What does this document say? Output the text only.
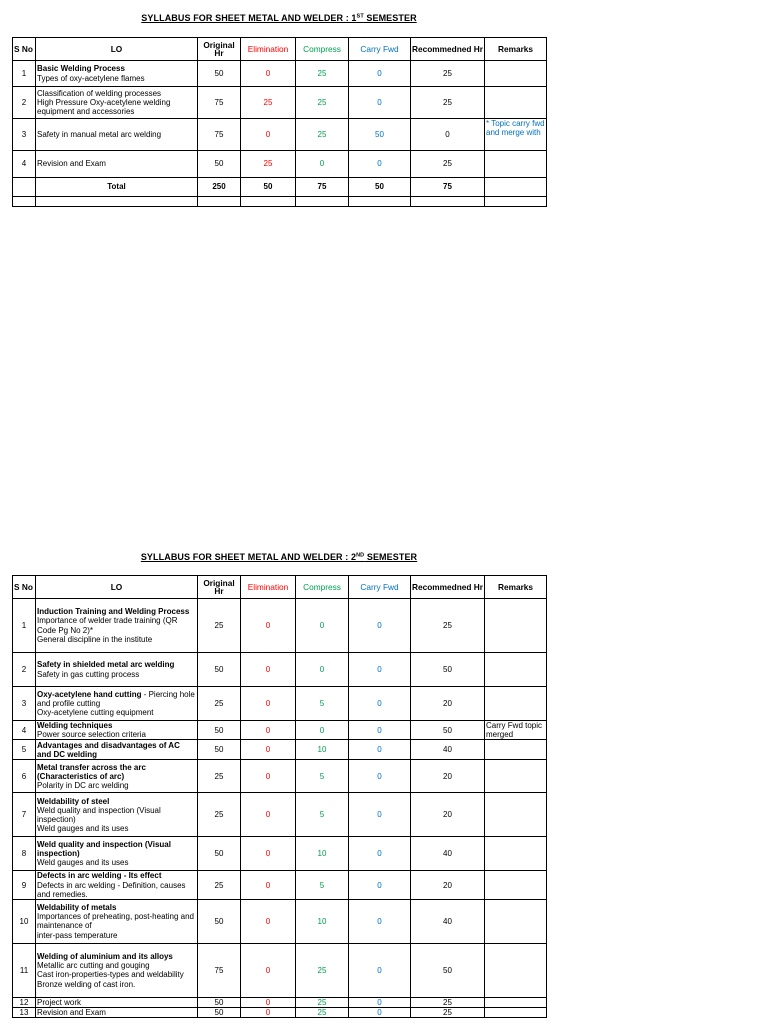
SYLLABUS FOR SHEET METAL AND WELDER : 1ST SEMESTER
S No	LO	Original Hr	Elimination	Compress	Carry Fwd	Recommedned Hr	Remarks
1	Basic Welding Process
Types of oxy-acetylene flames	50	0	25	0	25	
2	Classification of welding processes
High Pressure Oxy-acetylene welding
equipment and accessories	75	25	25	0	25	
3	Safety in manual metal arc welding	75	0	25	50	0	* Topic carry fwd and merge with
4	Revision and Exam	50	25	0	0	25	
	Total	250	50	75	50	75	

SYLLABUS FOR SHEET METAL AND WELDER : 2ND SEMESTER
S No	LO	Original Hr	Elimination	Compress	Carry Fwd	Recommedned Hr	Remarks
1	Induction Training and Welding Process
Importance of welder trade training (QR Code Pg No 2)*
General discipline in the institute	25	0	0	0	25	
2	Safety in shielded metal arc welding
Safety in gas cutting process	50	0	0	0	50	
3	Oxy-acetylene hand cutting - Piercing hole and profile cutting
Oxy-acetylene cutting equipment	25	0	5	0	20	
4	Welding techniques
Power source selection criteria	50	0	0	0	50	Carry Fwd topic merged
5	Advantages and disadvantages of AC and DC welding	50	0	10	0	40	
6	Metal transfer across the arc (Characteristics of arc)
Polarity in DC arc welding	25	0	5	0	20	
7	Weldability of steel
Weld quality and inspection (Visual inspection)
Weld gauges and its uses	25	0	5	0	20	
8	Weld quality and inspection (Visual inspection)
Weld gauges and its uses	50	0	10	0	40	
9	Defects in arc welding - Its effect
Defects in arc welding - Definition, causes and remedies.	25	0	5	0	20	
10	Weldability of metals
Importances of preheating, post-heating and maintenance of
inter-pass temperature	50	0	10	0	40	
11	Welding of aluminium and its alloys
Metallic arc cutting and gouging
Cast iron-properties-types and weldability
Bronze welding of cast iron.	75	0	25	0	50	
12	Project work	50	0	25	0	25	
13	Revision and Exam	50	0	25	0	25	
